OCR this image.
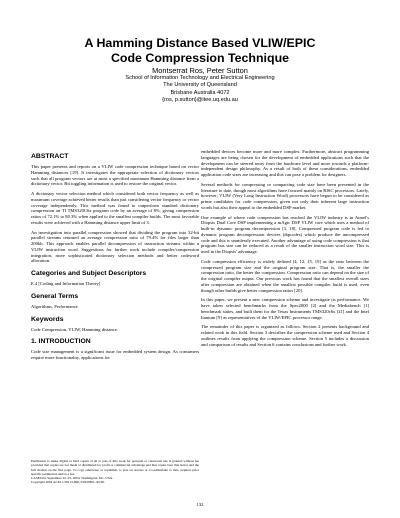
A Hamming Distance Based VLIW/EPIC
Code Compression Technique
Montserrat Ros, Peter Sutton
School of Information Technology and Electrical Engineering
The University of Queensland
Brisbane Australia 4072
{ros, p.sutton}@itee.uq.edu.au
ABSTRACT

This paper presents and reports on a VLIW code compression technique based on vector Hamming distances [19]. It investigates the appropriate selection of dictionary vectors such that all program vectors are at most a specified maximum Hamming distance from a dictionary vector. Bit toggling information is used to restore the original vector.

A dictionary vector selection method which considered both vector frequency as well as maximum coverage achieved better results than just considering vector frequency or vector coverage independently. This method was found to outperform standard dictionary compression on TI TMS320C6x program code by an average of 8%, giving compression ratios of 72.1% to 80.3% when applied to the smallest compiler builds. The most favorable results were achieved with a Hamming distance upper limit of 3.

An investigation into parallel compression showed that dividing the program into 32-bit parallel streams returned an average compression ratio of 79.4% for files larger than 200kb. This approach enables parallel decompression of instruction streams within a VLIW instruction word. Suggestions for further work include compiler/compression integration, more sophisticated dictionary selection methods and better codeword allocation.

Categories and Subject Descriptors

E.4 [Coding and Information Theory]

General Terms

Algorithms, Performance.

Keywords

Code Compression, VLIW, Hamming distance.

1. INTRODUCTION

Code size management is a significant issue for embedded system design. As consumers require more functionality, applications for

Permission to make digital or hard copies of all or part of this work for personal or classroom use is granted without fee provided that copies are not made or distributed for profit or commercial advantage and that copies bear this notice and the full citation on the first page. To copy otherwise, or republish, to post on servers or to redistribute to lists, requires prior specific permission and/or a fee.
CASES'04, September 22–25, 2004, Washington, DC, USA.
Copyright 2004 ACM 1-58113-890-3/04/0009...$5.00.

embedded devices become more and more complex. Furthermore, abstract programming languages are being chosen for the development of embedded applications such that the development can be steered away from the hardware level and more towards a platform-independent design philosophy. As a result of both of these considerations, embedded application code sizes are increasing and this can pose a problem for designers.

Several methods for compressing or compacting code size have been presented in the literature to date, though most algorithms have focused mainly on RISC processors. Lately, however, VLIW (Very Long Instruction Word) processors have begun to be considered as prime candidates for code compression, given not only their inherent large instruction words but also their appeal to the embedded DSP market.

One example of where code compression has reached the VLIW industry is in Atmel's Diopsis Dual Core DSP implementing a mAgic DSP VLIW core which uses a method of built-in dynamic program decompression [3, 18]. Compressed program code is fed to dynamic program decompression devices (dtpcodes) which produce the uncompressed code and this is seamlessly executed. Another advantage of using code compression is that program bus size can be reduced as a result of the smaller instruction word size. This is used in the Diopsis' advantage.

Code compression efficiency is widely defined [4, 12, 15, 19] as the ratio between the compressed program size and the original program size. That is, the smaller the compression ratio, the better the compression. Compression ratio can depend on the size of the original compiler output. Our previous work has found that the smallest overall sizes after compression are obtained when the smallest possible compiler build is used, even though other builds give better compression ratios [20].

In this paper, we present a new compression scheme and investigate its performance. We have taken selected benchmarks from the Spec2000 [2] and the Mediabench [1] benchmark suites, and built them for the Texas Instruments TMS320c6x [21] and the Intel Itanium [9] as representatives of the VLIW/EPIC processor range.

The remainder of this paper is organized as follows. Section 2 presents background and related work in this field. Section 3 describes the compression scheme used and Section 4 outlines results from applying the compression scheme. Section 5 includes a discussion and comparison of results and Section 6 contains conclusions and further work.

132
